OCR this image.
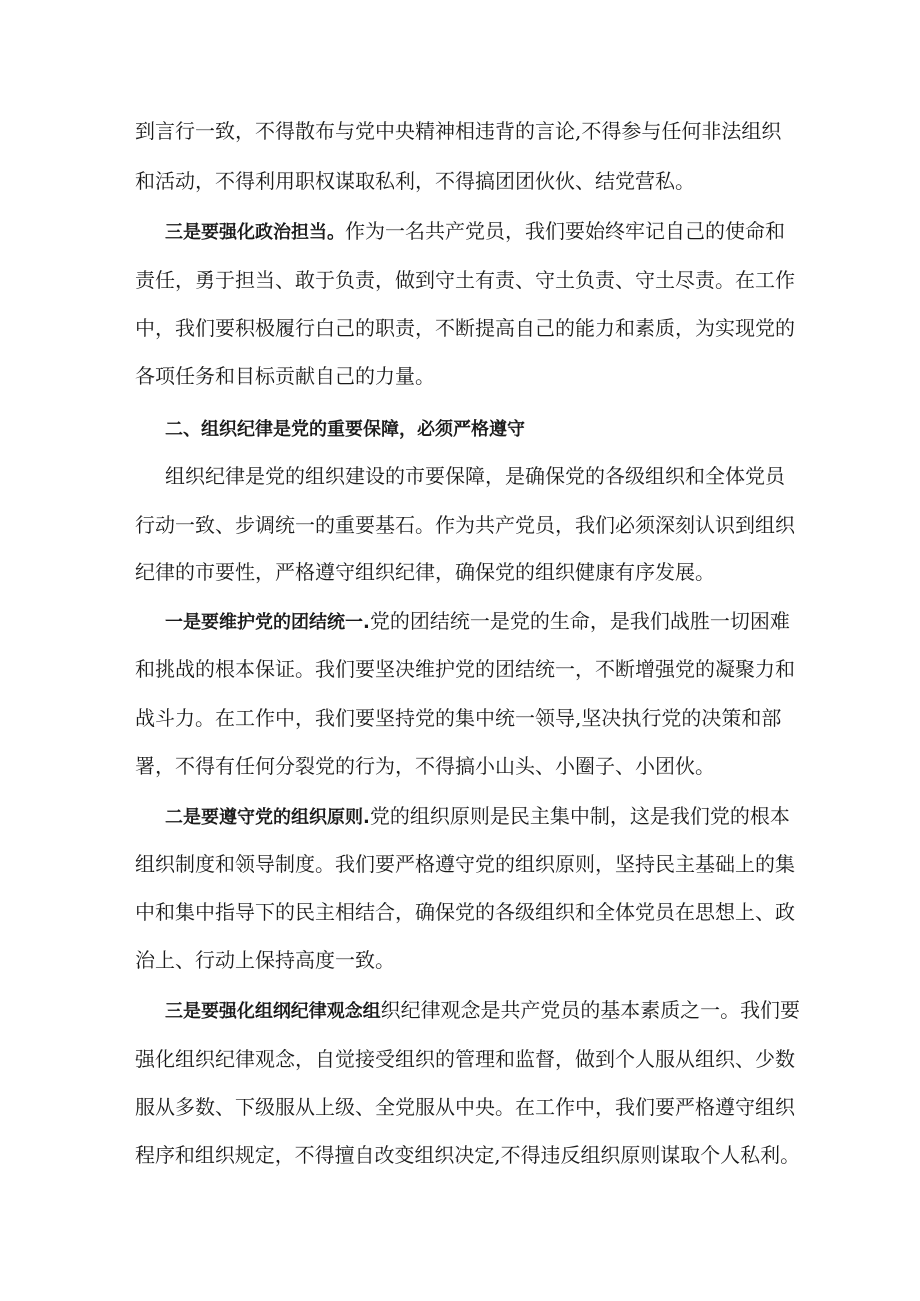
到言行一致，不得散布与党中央精神相违背的言论,不得参与任何非法组织
和活动，不得利用职权谋取私利，不得搞团团伙伙、结党营私。
三是要强化政治担当。作为一名共产党员，我们要始终牢记自己的使命和
责任，勇于担当、敢于负责，做到守土有责、守土负责、守土尽责。在工作
中，我们要积极履行白己的职责，不断提高自己的能力和素质，为实现党的
各项任务和目标贡献自己的力量。
二、组织纪律是党的重要保障，必须严格遵守
组织纪律是党的组织建设的市要保障，是确保党的各级组织和全体党员
行动一致、步调统一的重要基石。作为共产党员，我们必须深刻认识到组织
纪律的市要性，严格遵守组织纪律，确保党的组织健康有序发展。
一是要维护党的团结统一.党的团结统一是党的生命，是我们战胜一切困难
和挑战的根本保证。我们要坚决维护党的团结统一，不断增强党的凝聚力和
战斗力。在工作中，我们要坚持党的集中统一领导,坚决执行党的决策和部
署，不得有任何分裂党的行为，不得搞小山头、小圈子、小团伙。
二是要遵守党的组织原则.党的组织原则是民主集中制，这是我们党的根本
组织制度和领导制度。我们要严格遵守党的组织原则，坚持民主基础上的集
中和集中指导下的民主相结合，确保党的各级组织和全体党员在思想上、政
治上、行动上保持高度一致。
三是要强化组纲纪律观念组织纪律观念是共产党员的基本素质之一。我们要
强化组织纪律观念，自觉接受组织的管理和监督，做到个人服从组织、少数
服从多数、下级服从上级、全党服从中央。在工作中，我们要严格遵守组织
程序和组织规定，不得擅自改变组织决定,不得违反组织原则谋取个人私利。
